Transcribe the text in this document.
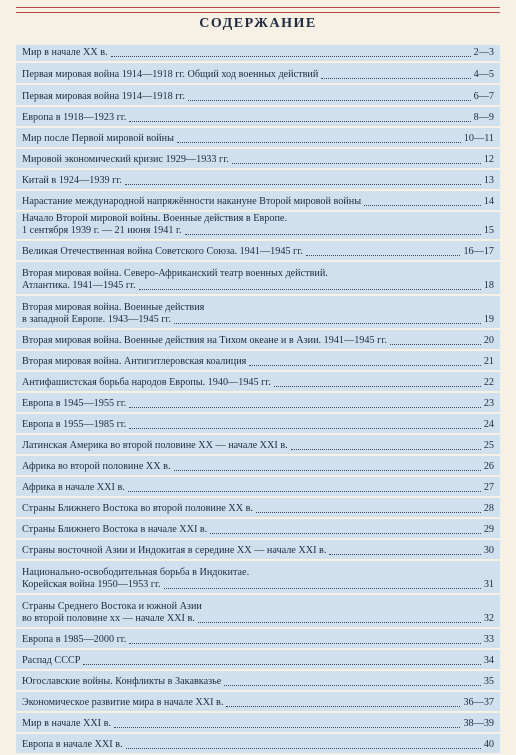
СОДЕРЖАНИЕ
Мир в начале XX в.	2—3
Первая мировая война 1914—1918 гг. Общий ход военных действий	4—5
Первая мировая война 1914—1918 гг.	6—7
Европа в 1918—1923 гг.	8—9
Мир после Первой мировой войны	10—11
Мировой экономический кризис 1929—1933 гг.	12
Китай в 1924—1939 гг.	13
Нарастание международной напряжённости накануне Второй мировой войны	14
Начало Второй мировой войны. Военные действия в Европе.
1 сентября 1939 г. — 21 июня 1941 г.	15
Великая Отечественная война Советского Союза. 1941—1945 гг.	16—17
Вторая мировая война. Северо-Африканский театр военных действий.
Атлантика. 1941—1945 гг.	18
Вторая мировая война. Военные действия
в западной Европе. 1943—1945 гг.	19
Вторая мировая война. Военные действия на Тихом океане и в Азии. 1941—1945 гг.	20
Вторая мировая война. Антигитлеровская коалиция	21
Антифашистская борьба народов Европы. 1940—1945 гг.	22
Европа в 1945—1955 гг.	23
Европа в 1955—1985 гг.	24
Латинская Америка во второй половине XX — начале XXI в.	25
Африка во второй половине XX в.	26
Африка в начале XXI в.	27
Страны Ближнего Востока во второй половине XX в.	28
Страны Ближнего Востока в начале XXI в.	29
Страны восточной Азии и Индокитая в середине XX — начале XXI в.	30
Национально-освободительная борьба в Индокитае.
Корейская война 1950—1953 гг.	31
Страны Среднего Востока и южной Азии
во второй половине xx — начале XXI в.	32
Европа в 1985—2000 гг.	33
Распад СССР	34
Югославские войны. Конфликты в Закавказье	35
Экономическое развитие мира в начале XXI в.	36—37
Мир в начале XXI в.	38—39
Европа в начале XXI в.	40
